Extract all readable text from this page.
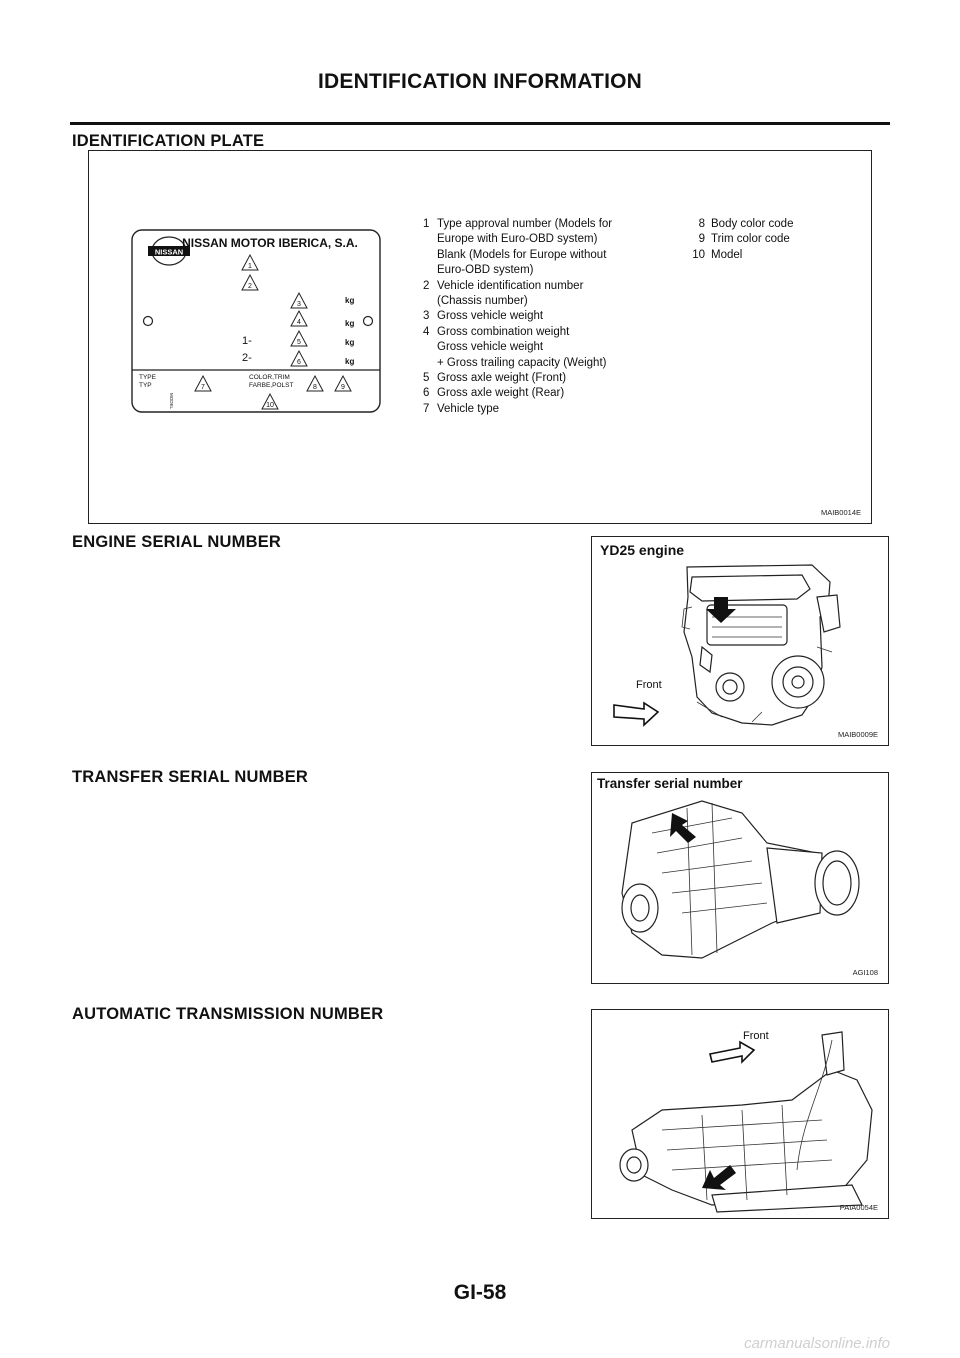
IDENTIFICATION INFORMATION
IDENTIFICATION PLATE
NISSAN
NISSAN MOTOR IBERICA, S.A.
1
2
3
4
5
6
7	8	9
10
kg
kg
kg
kg
1-
2-
TYPE
TYP
COLOR,TRIM
FARBE,POLST
MODEL
1 Type approval number (Models for
Europe with Euro-OBD system)
Blank (Models for Europe without
Euro-OBD system)
2 Vehicle identification number
(Chassis number)
3 Gross vehicle weight
4 Gross combination weight
Gross vehicle weight
+ Gross trailing capacity (Weight)
5 Gross axle weight (Front)
6 Gross axle weight (Rear)
7 Vehicle type
8 Body color code
9 Trim color code
10 Model
MAIB0014E
ENGINE SERIAL NUMBER	YD25 engine
Front
MAIB0009E
TRANSFER SERIAL NUMBER	Transfer serial number
AGI108
AUTOMATIC TRANSMISSION NUMBER
Front
PAIA0054E
GI-58
carmanualsonline.info
